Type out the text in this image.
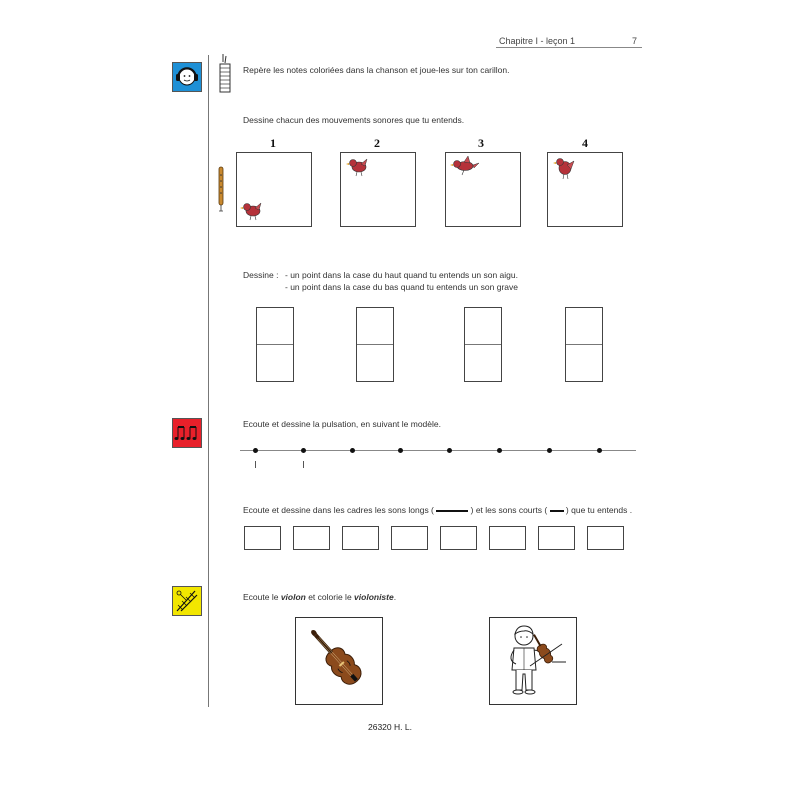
Chapitre I - leçon 1	7
Repère les notes coloriées dans la chanson et joue-les sur ton carillon.
Dessine chacun des mouvements sonores que tu entends.
1	2	3	4
Dessine : - un point dans la case du haut quand tu entends un son aigu.
- un point dans la case du bas quand tu entends un son grave
Ecoute et dessine la pulsation, en suivant le modèle.
Ecoute et dessine dans les cadres les sons longs (	) et les sons courts ( ) que tu entends .
Ecoute le violon et colorie le violoniste.
26320 H. L.
